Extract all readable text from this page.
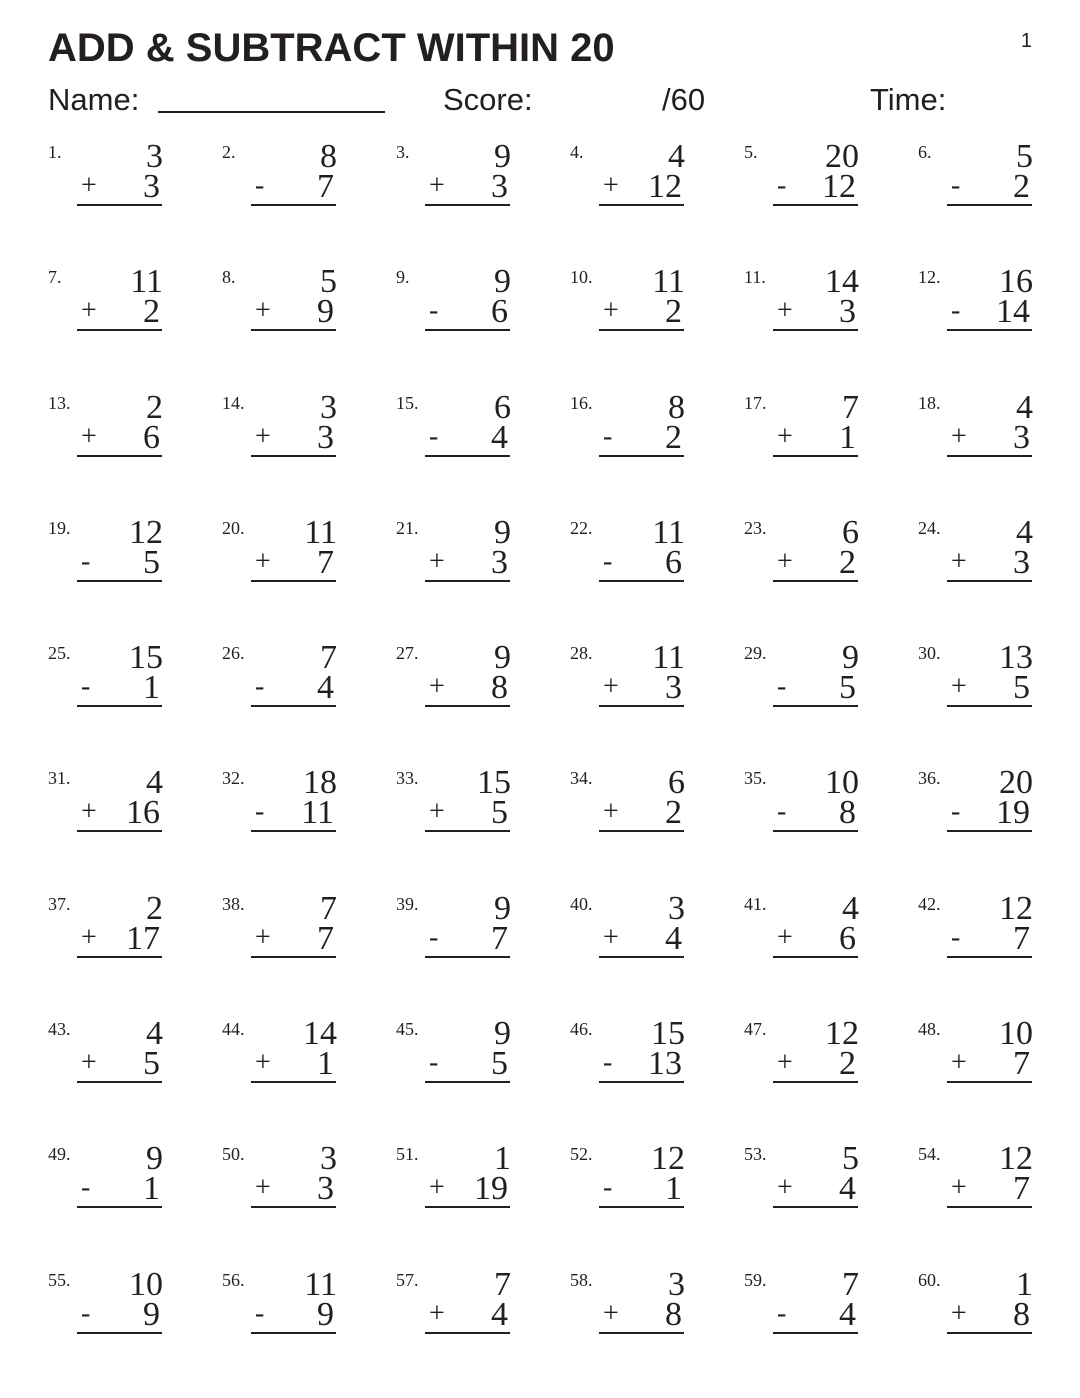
ADD & SUBTRACT WITHIN 20	1
Name:	Score:	/60	Time:
1. 3
+ 3
2. 8
- 7
3. 9
+ 3
4. 4
+ 12
5. 20
- 12
6. 5
- 2
7. 11
+ 2
8. 5
+ 9
9. 9
- 6
10. 11
+ 2
11. 14
+ 3
12. 16
- 14
13. 2
+ 6
14. 3
+ 3
15. 6
- 4
16. 8
- 2
17. 7
+ 1
18. 4
+ 3
19. 12
- 5
20. 11
+ 7
21. 9
+ 3
22. 11
- 6
23. 6
+ 2
24. 4
+ 3
25. 15
- 1
26. 7
- 4
27. 9
+ 8
28. 11
+ 3
29. 9
- 5
30. 13
+ 5
31. 4
+ 16
32. 18
- 11
33. 15
+ 5
34. 6
+ 2
35. 10
- 8
36. 20
- 19
37. 2
+ 17
38. 7
+ 7
39. 9
- 7
40. 3
+ 4
41. 4
+ 6
42. 12
- 7
43. 4
+ 5
44. 14
+ 1
45. 9
- 5
46. 15
- 13
47. 12
+ 2
48. 10
+ 7
49. 9
- 1
50. 3
+ 3
51. 1
+ 19
52. 12
- 1
53. 5
+ 4
54. 12
+ 7
55. 10
- 9
56. 11
- 9
57. 7
+ 4
58. 3
+ 8
59. 7
- 4
60. 1
+ 8
